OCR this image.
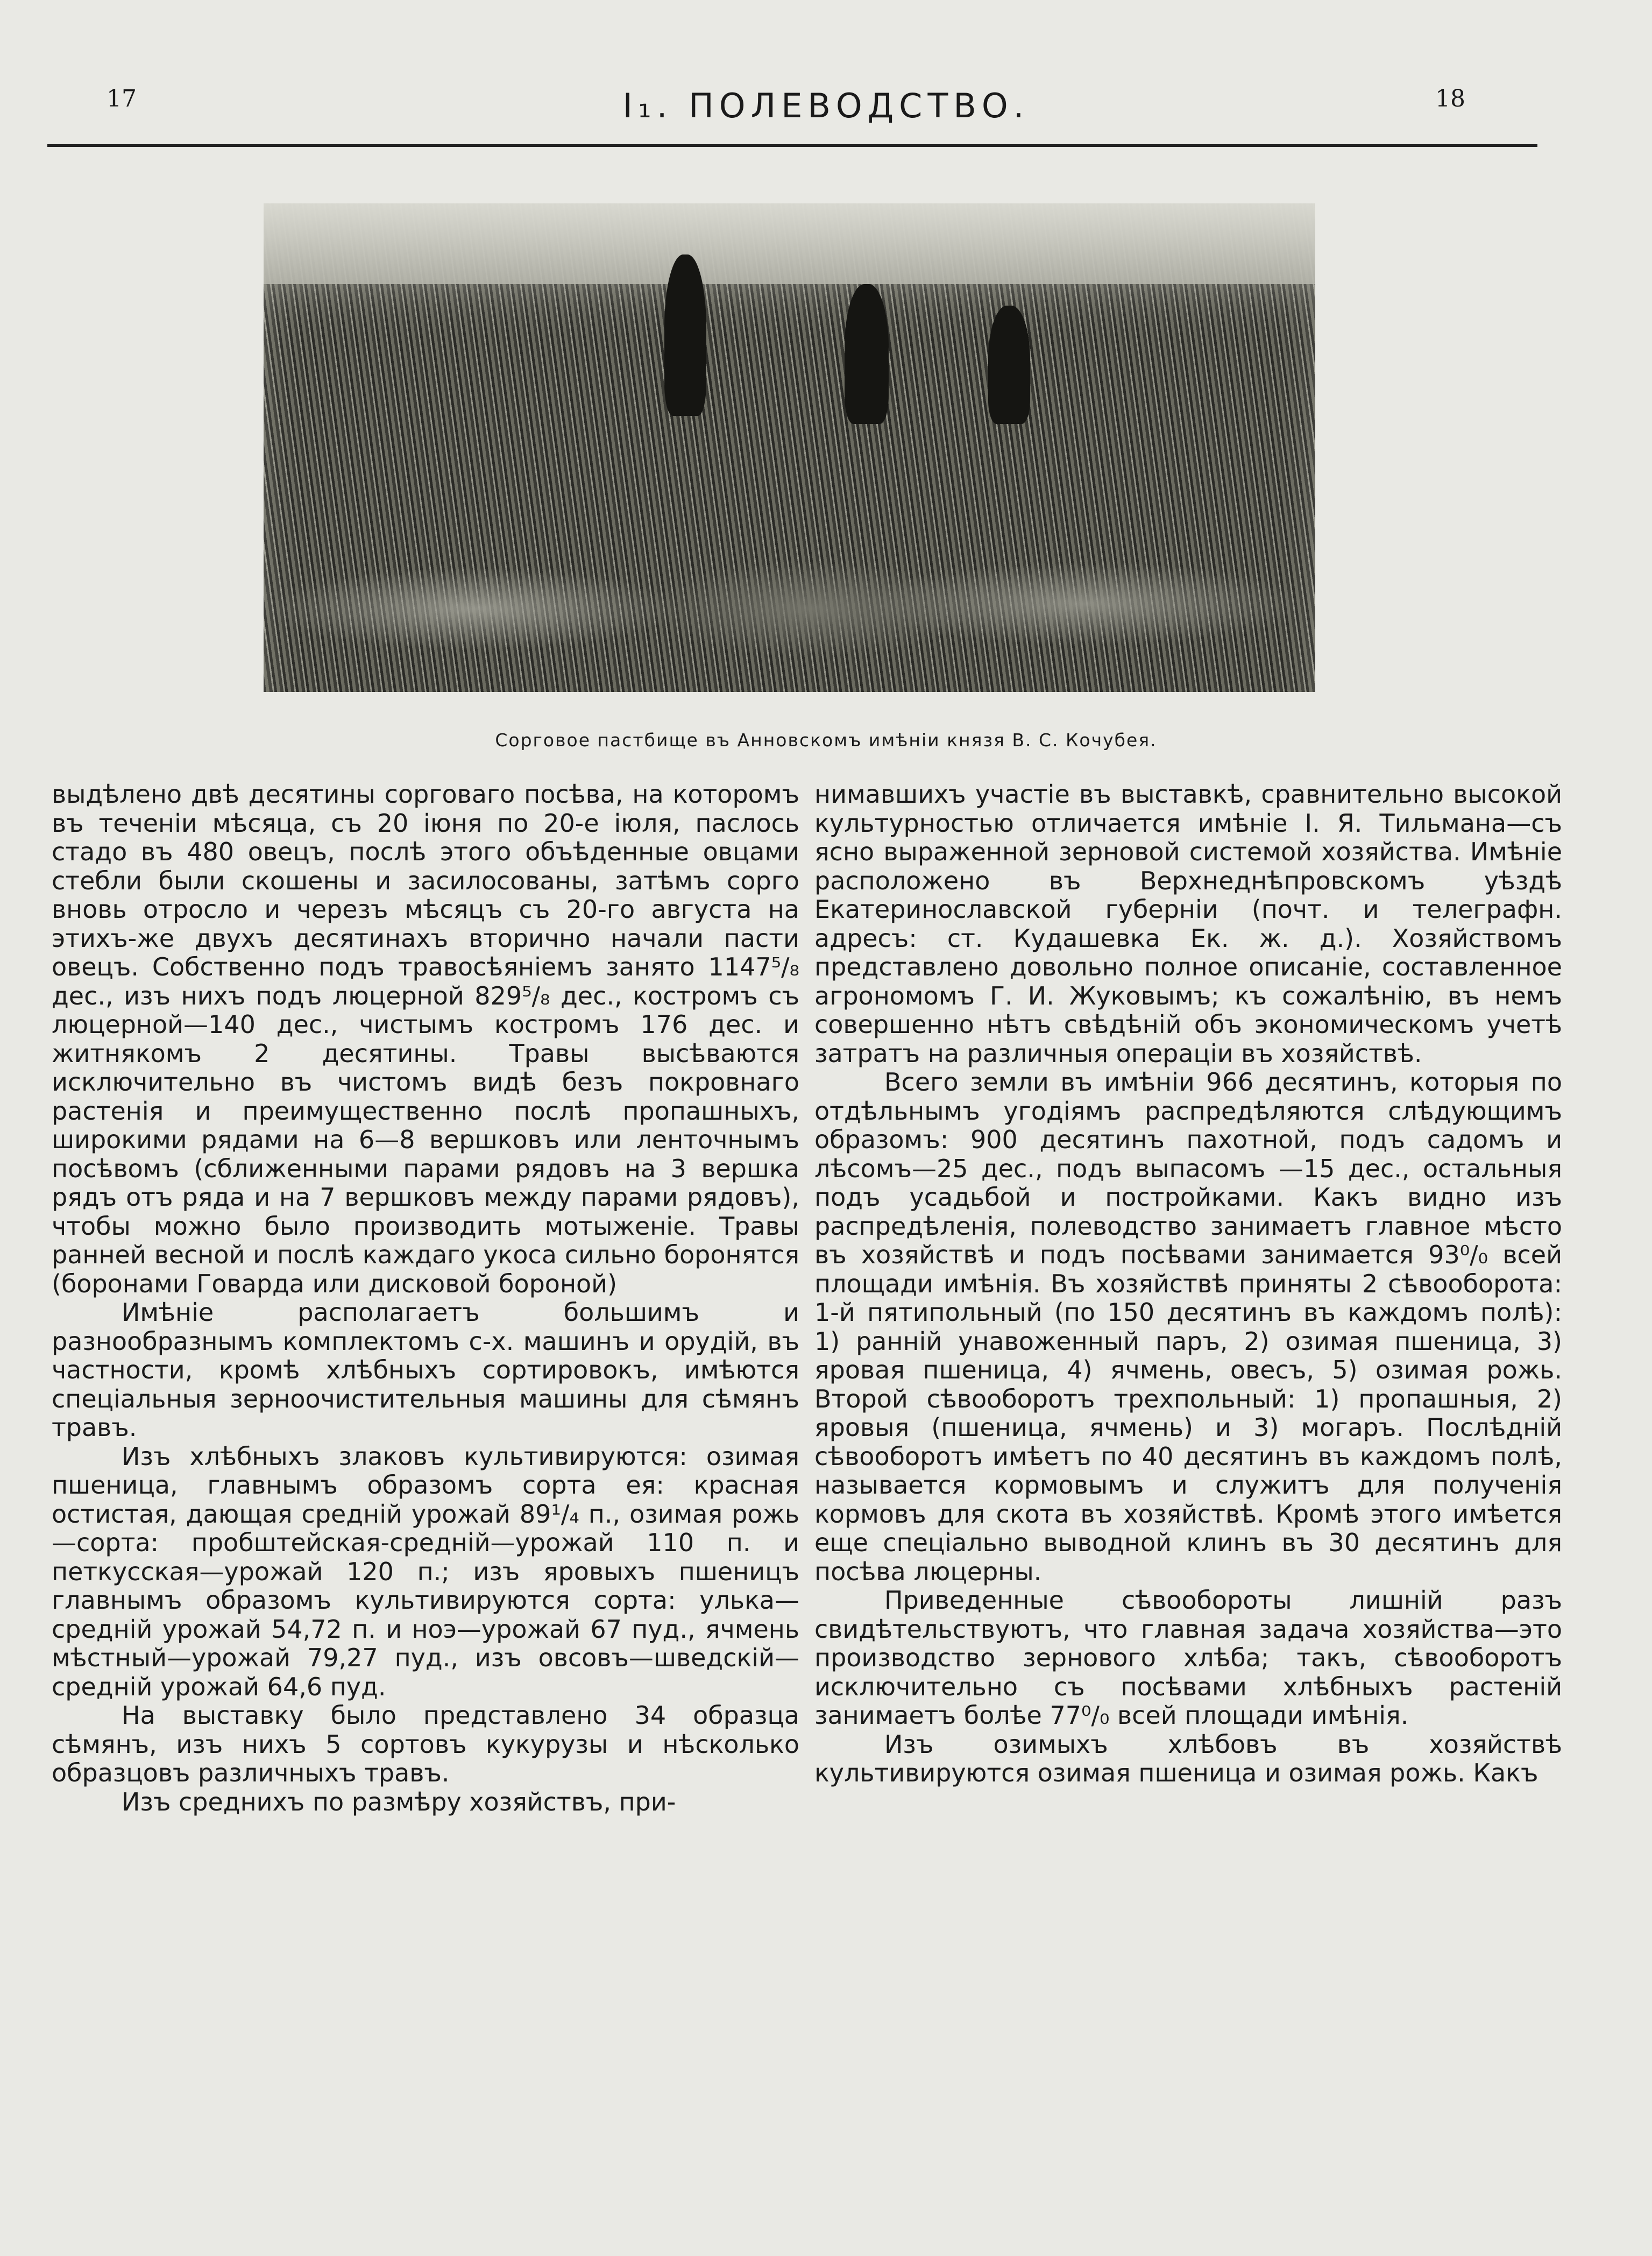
17	I₁. ПОЛЕВОДСТВО.	18
Сорговое пастбище въ Анновскомъ имѣніи князя В. С. Кочубея.

выдѣлено двѣ десятины сорговаго посѣва, на которомъ въ теченіи мѣсяца, съ 20 іюня по 20-е іюля, паслось стадо въ 480 овецъ, послѣ этого объѣденные овцами стебли были скошены и засилосованы, затѣмъ сорго вновь отросло и черезъ мѣсяцъ съ 20-го августа на этихъ-же двухъ десятинахъ вторично начали пасти овецъ. Собственно подъ травосѣяніемъ занято 1147⁵/₈ дес., изъ нихъ подъ люцерной 829⁵/₈ дес., костромъ съ люцерной—140 дес., чистымъ костромъ 176 дес. и житнякомъ 2 десятины. Травы высѣваются исключительно въ чистомъ видѣ безъ покровнаго растенія и преимущественно послѣ пропашныхъ, широкими рядами на 6—8 вершковъ или ленточнымъ посѣвомъ (сближенными парами рядовъ на 3 вершка рядъ отъ ряда и на 7 вершковъ между парами рядовъ), чтобы можно было производить мотыженіе. Травы ранней весной и послѣ каждаго укоса сильно боронятся (боронами Говарда или дисковой бороной)

Имѣніе располагаетъ большимъ и разнообразнымъ комплектомъ с-х. машинъ и орудій, въ частности, кромѣ хлѣбныхъ сортировокъ, имѣются спеціальныя зерноочистительныя машины для сѣмянъ травъ.

Изъ хлѣбныхъ злаковъ культивируются: озимая пшеница, главнымъ образомъ сорта ея: красная остистая, дающая средній урожай 89¹/₄ п., озимая рожь—сорта: пробштейская-средній—урожай 110 п. и петкусская—урожай 120 п.; изъ яровыхъ пшеницъ главнымъ образомъ культивируются сорта: улька—средній урожай 54,72 п. и ноэ—урожай 67 пуд., ячмень мѣстный—урожай 79,27 пуд., изъ овсовъ—шведскій—средній урожай 64,6 пуд.

На выставку было представлено 34 образца сѣмянъ, изъ нихъ 5 сортовъ кукурузы и нѣсколько образцовъ различныхъ травъ.

Изъ среднихъ по размѣру хозяйствъ, при-

нимавшихъ участіе въ выставкѣ, сравнительно высокой культурностью отличается имѣніе I. Я. Тильмана—съ ясно выраженной зерновой системой хозяйства. Имѣніе расположено въ Верхнеднѣпровскомъ уѣздѣ Екатеринославской губерніи (почт. и телеграфн. адресъ: ст. Кудашевка Ек. ж. д.). Хозяйствомъ представлено довольно полное описаніе, составленное агрономомъ Г. И. Жуковымъ; къ сожалѣнію, въ немъ совершенно нѣтъ свѣдѣній объ экономическомъ учетѣ затратъ на различныя операціи въ хозяйствѣ.

Всего земли въ имѣніи 966 десятинъ, которыя по отдѣльнымъ угодіямъ распредѣляются слѣдующимъ образомъ: 900 десятинъ пахотной, подъ садомъ и лѣсомъ—25 дес., подъ выпасомъ —15 дес., остальныя подъ усадьбой и постройками. Какъ видно изъ распредѣленія, полеводство занимаетъ главное мѣсто въ хозяйствѣ и подъ посѣвами занимается 93⁰/₀ всей площади имѣнія. Въ хозяйствѣ приняты 2 сѣвооборота: 1-й пятипольный (по 150 десятинъ въ каждомъ полѣ): 1) ранній унавоженный паръ, 2) озимая пшеница, 3) яровая пшеница, 4) ячмень, овесъ, 5) озимая рожь. Второй сѣвооборотъ трехпольный: 1) пропашныя, 2) яровыя (пшеница, ячмень) и 3) могаръ. Послѣдній сѣвооборотъ имѣетъ по 40 десятинъ въ каждомъ полѣ, называется кормовымъ и служитъ для полученія кормовъ для скота въ хозяйствѣ. Кромѣ этого имѣется еще спеціально выводной клинъ въ 30 десятинъ для посѣва люцерны.

Приведенные сѣвообороты лишній разъ свидѣтельствуютъ, что главная задача хозяйства—это производство зернового хлѣба; такъ, сѣвооборотъ исключительно съ посѣвами хлѣбныхъ растеній занимаетъ болѣе 77⁰/₀ всей площади имѣнія.

Изъ озимыхъ хлѣбовъ въ хозяйствѣ культивируются озимая пшеница и озимая рожь. Какъ
